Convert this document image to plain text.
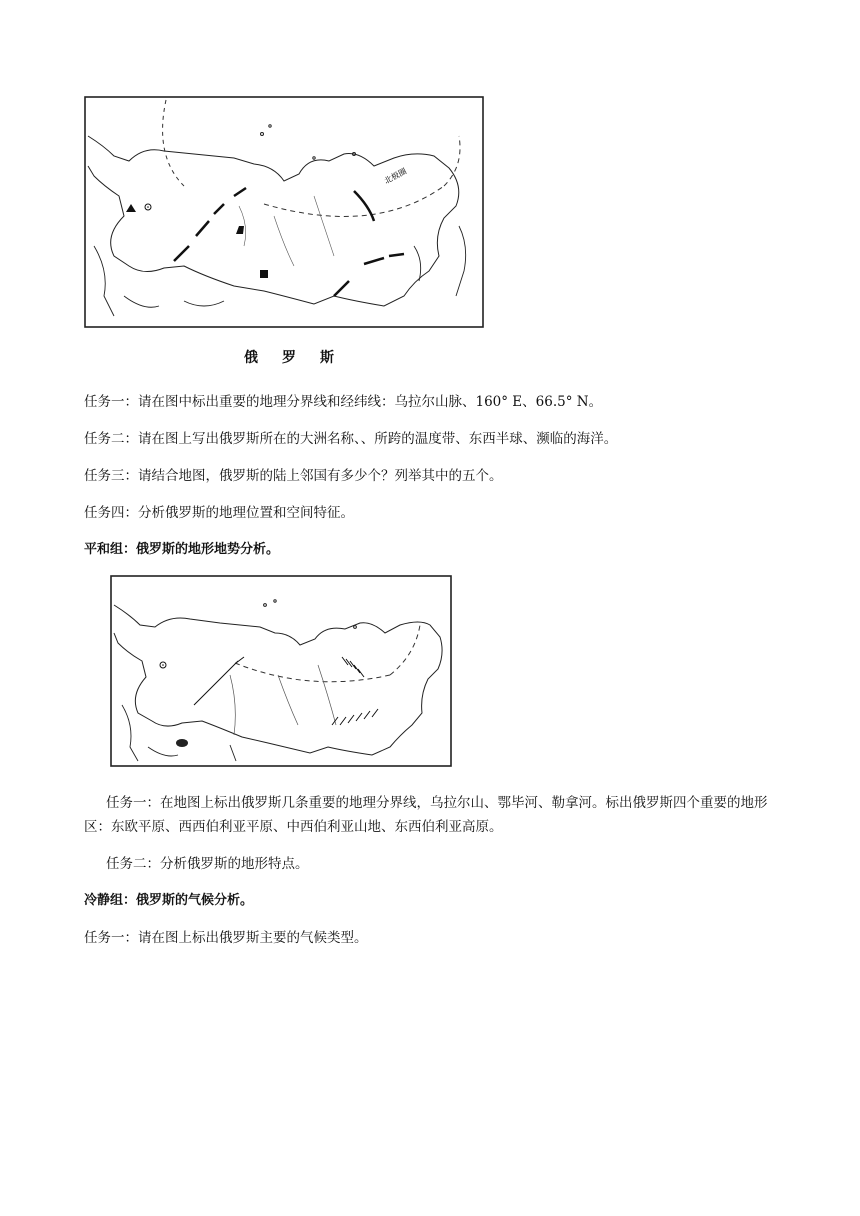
北极圈
俄 罗 斯
任务一：请在图中标出重要的地理分界线和经纬线：乌拉尔山脉、160° E、66.5° N。
任务二：请在图上写出俄罗斯所在的大洲名称、、所跨的温度带、东西半球、濒临的海洋。
任务三：请结合地图，俄罗斯的陆上邻国有多少个？列举其中的五个。
任务四：分析俄罗斯的地理位置和空间特征。
平和组：俄罗斯的地形地势分析。
任务一：在地图上标出俄罗斯几条重要的地理分界线，乌拉尔山、鄂毕河、勒拿河。标出俄罗斯四个重要的地形区：东欧平原、西西伯利亚平原、中西伯利亚山地、东西伯利亚高原。
任务二：分析俄罗斯的地形特点。
冷静组：俄罗斯的气候分析。
任务一：请在图上标出俄罗斯主要的气候类型。
